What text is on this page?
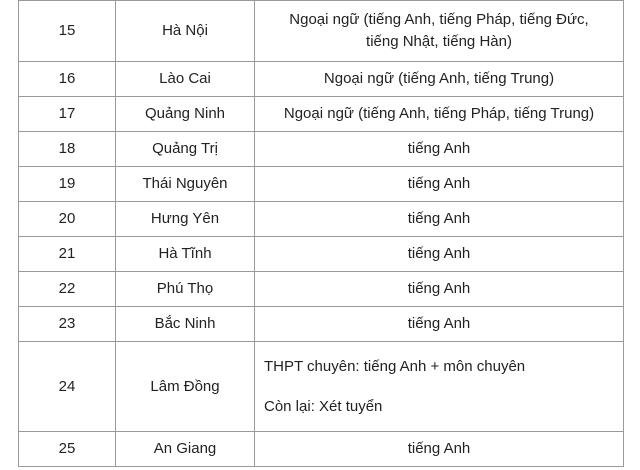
15	Hà Nội	Ngoại ngữ (tiếng Anh, tiếng Pháp, tiếng Đức,
tiếng Nhật, tiếng Hàn)

16	Lào Cai	Ngoại ngữ (tiếng Anh, tiếng Trung)
17	Quảng Ninh	Ngoại ngữ (tiếng Anh, tiếng Pháp, tiếng Trung)
18	Quảng Trị	tiếng Anh
19	Thái Nguyên	tiếng Anh
20	Hưng Yên	tiếng Anh
21	Hà Tĩnh	tiếng Anh
22	Phú Thọ	tiếng Anh
23	Bắc Ninh	tiếng Anh
24	Lâm Đồng	THPT chuyên: tiếng Anh + môn chuyên
Còn lại: Xét tuyển

25	An Giang	tiếng Anh
